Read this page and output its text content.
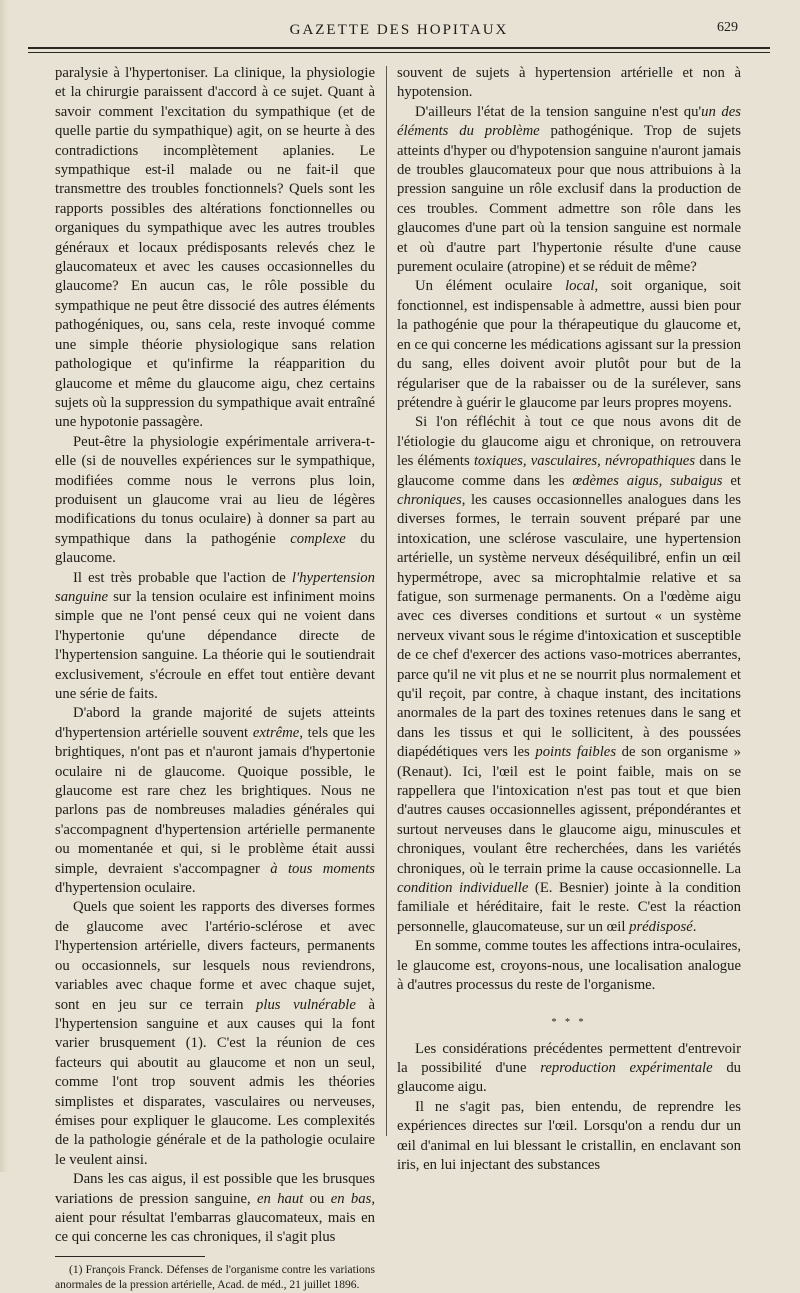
GAZETTE DES HOPITAUX	629

paralysie à l'hypertoniser. La clinique, la physiologie et la chirurgie paraissent d'accord à ce sujet. Quant à savoir comment l'excitation du sympathique (et de quelle partie du sympathique) agit, on se heurte à des contradictions incomplètement aplanies. Le sympathique est-il malade ou ne fait-il que transmettre des troubles fonctionnels? Quels sont les rapports possibles des altérations fonctionnelles ou organiques du sympathique avec les autres troubles généraux et locaux prédisposants relevés chez le glaucomateux et avec les causes occasionnelles du glaucome? En aucun cas, le rôle possible du sympathique ne peut être dissocié des autres éléments pathogéniques, ou, sans cela, reste invoqué comme une simple théorie physiologique sans relation pathologique et qu'infirme la réapparition du glaucome et même du glaucome aigu, chez certains sujets où la suppression du sympathique avait entraîné une hypotonie passagère.

Peut-être la physiologie expérimentale arrivera-t-elle (si de nouvelles expériences sur le sympathique, modifiées comme nous le verrons plus loin, produisent un glaucome vrai au lieu de légères modifications du tonus oculaire) à donner sa part au sympathique dans la pathogénie complexe du glaucome.

Il est très probable que l'action de l'hypertension sanguine sur la tension oculaire est infiniment moins simple que ne l'ont pensé ceux qui ne voient dans l'hypertonie qu'une dépendance directe de l'hypertension sanguine. La théorie qui le soutiendrait exclusivement, s'écroule en effet tout entière devant une série de faits.

D'abord la grande majorité de sujets atteints d'hypertension artérielle souvent extrême, tels que les brightiques, n'ont pas et n'auront jamais d'hypertonie oculaire ni de glaucome. Quoique possible, le glaucome est rare chez les brightiques. Nous ne parlons pas de nombreuses maladies générales qui s'accompagnent d'hypertension artérielle permanente ou momentanée et qui, si le problème était aussi simple, devraient s'accompagner à tous moments d'hypertension oculaire.

Quels que soient les rapports des diverses formes de glaucome avec l'artério-sclérose et avec l'hypertension artérielle, divers facteurs, permanents ou occasionnels, sur lesquels nous reviendrons, variables avec chaque forme et avec chaque sujet, sont en jeu sur ce terrain plus vulnérable à l'hypertension sanguine et aux causes qui la font varier brusquement (1). C'est la réunion de ces facteurs qui aboutit au glaucome et non un seul, comme l'ont trop souvent admis les théories simplistes et disparates, vasculaires ou nerveuses, émises pour expliquer le glaucome. Les complexités de la pathologie générale et de la pathologie oculaire le veulent ainsi.

Dans les cas aigus, il est possible que les brusques variations de pression sanguine, en haut ou en bas, aient pour résultat l'embarras glaucomateux, mais en ce qui concerne les cas chroniques, il s'agit plus

(1) François Franck. Défenses de l'organisme contre les variations anormales de la pression artérielle, Acad. de méd., 21 juillet 1896.

souvent de sujets à hypertension artérielle et non à hypotension.

D'ailleurs l'état de la tension sanguine n'est qu'un des éléments du problème pathogénique. Trop de sujets atteints d'hyper ou d'hypotension sanguine n'auront jamais de troubles glaucomateux pour que nous attribuions à la pression sanguine un rôle exclusif dans la production de ces troubles. Comment admettre son rôle dans les glaucomes d'une part où la tension sanguine est normale et où d'autre part l'hypertonie résulte d'une cause purement oculaire (atropine) et se réduit de même?

Un élément oculaire local, soit organique, soit fonctionnel, est indispensable à admettre, aussi bien pour la pathogénie que pour la thérapeutique du glaucome et, en ce qui concerne les médications agissant sur la pression du sang, elles doivent avoir plutôt pour but de la régulariser que de la rabaisser ou de la surélever, sans prétendre à guérir le glaucome par leurs propres moyens.

Si l'on réfléchit à tout ce que nous avons dit de l'étiologie du glaucome aigu et chronique, on retrouvera les éléments toxiques, vasculaires, névropathiques dans le glaucome comme dans les œdèmes aigus, subaigus et chroniques, les causes occasionnelles analogues dans les diverses formes, le terrain souvent préparé par une intoxication, une sclérose vasculaire, une hypertension artérielle, un système nerveux déséquilibré, enfin un œil hypermétrope, avec sa microphtalmie relative et sa fatigue, son surmenage permanents. On a l'œdème aigu avec ces diverses conditions et surtout « un système nerveux vivant sous le régime d'intoxication et susceptible de ce chef d'exercer des actions vaso-motrices aberrantes, parce qu'il ne vit plus et ne se nourrit plus normalement et qu'il reçoit, par contre, à chaque instant, des incitations anormales de la part des toxines retenues dans le sang et dans les tissus et qui le sollicitent, à des poussées diapédétiques vers les points faibles de son organisme » (Renaut). Ici, l'œil est le point faible, mais on se rappellera que l'intoxication n'est pas tout et que bien d'autres causes occasionnelles agissent, prépondérantes et surtout nerveuses dans le glaucome aigu, minuscules et chroniques, voulant être recherchées, dans les variétés chroniques, où le terrain prime la cause occasionnelle. La condition individuelle (E. Besnier) jointe à la condition familiale et héréditaire, fait le reste. C'est la réaction personnelle, glaucomateuse, sur un œil prédisposé.

En somme, comme toutes les affections intra-oculaires, le glaucome est, croyons-nous, une localisation analogue à d'autres processus du reste de l'organisme.

* * *

Les considérations précédentes permettent d'entrevoir la possibilité d'une reproduction expérimentale du glaucome aigu.

Il ne s'agit pas, bien entendu, de reprendre les expériences directes sur l'œil. Lorsqu'on a rendu dur un œil d'animal en lui blessant le cristallin, en enclavant son iris, en lui injectant des substances
